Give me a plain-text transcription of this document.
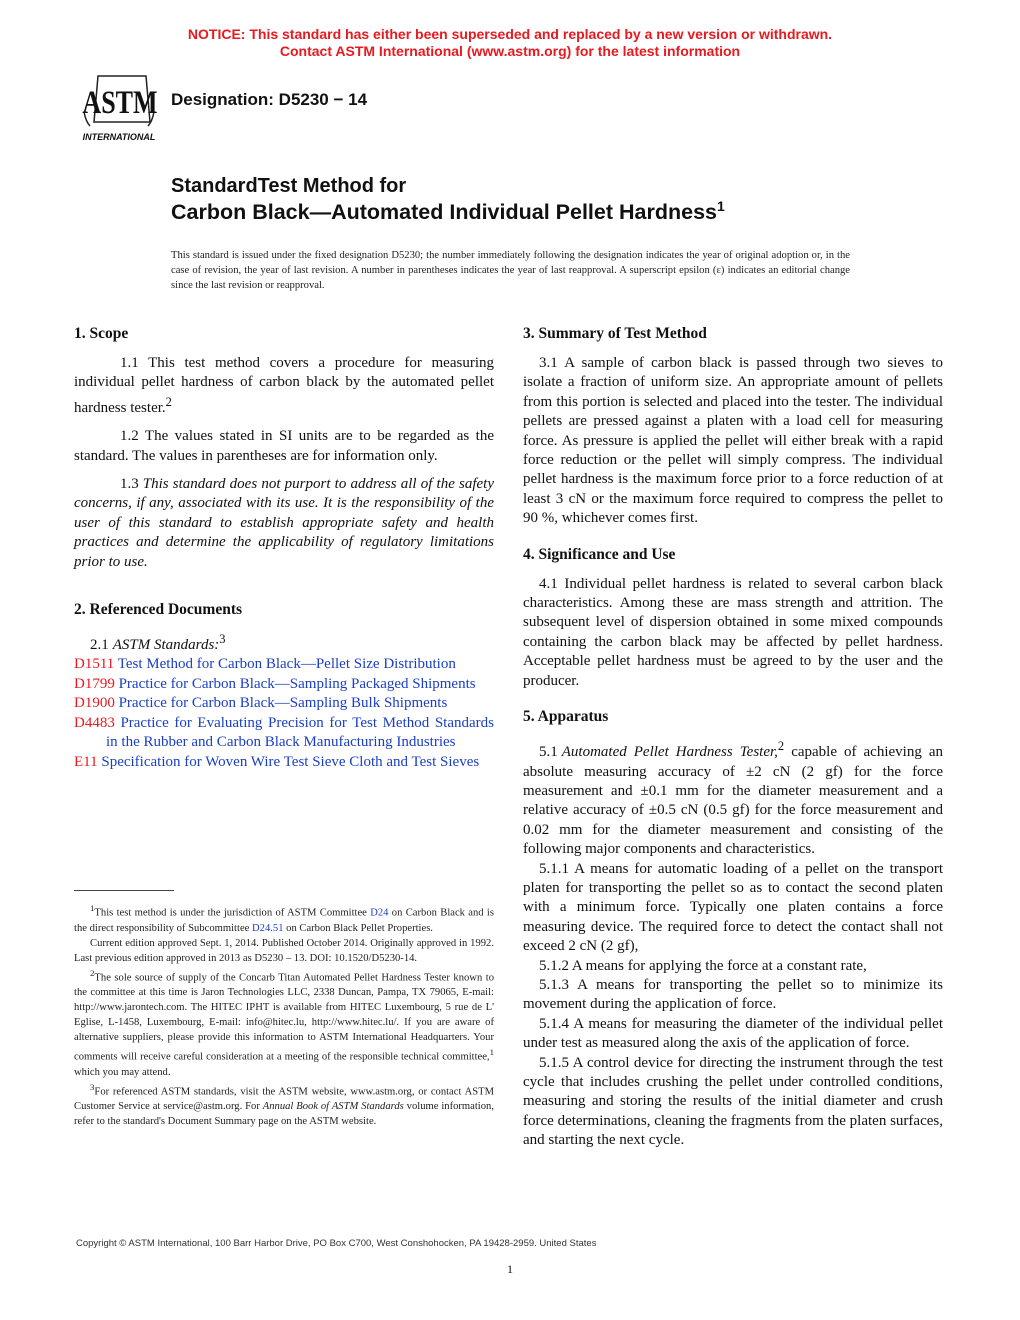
NOTICE: This standard has either been superseded and replaced by a new version or withdrawn.
Contact ASTM International (www.astm.org) for the latest information
ASTM
INTERNATIONAL
Designation: D5230 − 14
StandardTest Method for
Carbon Black—Automated Individual Pellet Hardness$^1$
This standard is issued under the fixed designation D5230; the number immediately following the designation indicates the year of original adoption or, in the case of revision, the year of last revision. A number in parentheses indicates the year of last reapproval. A superscript epsilon (ε) indicates an editorial change since the last revision or reapproval.
1. Scope

1.1 This test method covers a procedure for measuring individual pellet hardness of carbon black by the automated pellet hardness tester.$^2$

1.2 The values stated in SI units are to be regarded as the standard. The values in parentheses are for information only.

1.3 This standard does not purport to address all of the safety concerns, if any, associated with its use. It is the responsibility of the user of this standard to establish appropriate safety and health practices and determine the applicability of regulatory limitations prior to use.

2. Referenced Documents

2.1 ASTM Standards:$^3$

D1511 Test Method for Carbon Black—Pellet Size Distribution

D1799 Practice for Carbon Black—Sampling Packaged Shipments

D1900 Practice for Carbon Black—Sampling Bulk Shipments

D4483 Practice for Evaluating Precision for Test Method Standards in the Rubber and Carbon Black Manufacturing Industries

E11 Specification for Woven Wire Test Sieve Cloth and Test Sieves

$^1$This test method is under the jurisdiction of ASTM Committee D24 on Carbon Black and is the direct responsibility of Subcommittee D24.51 on Carbon Black Pellet Properties.

Current edition approved Sept. 1, 2014. Published October 2014. Originally approved in 1992. Last previous edition approved in 2013 as D5230 – 13. DOI: 10.1520/D5230-14.

$^2$The sole source of supply of the Concarb Titan Automated Pellet Hardness Tester known to the committee at this time is Jaron Technologies LLC, 2338 Duncan, Pampa, TX 79065, E-mail: http://www.jarontech.com. The HITEC IPHT is available from HITEC Luxembourg, 5 rue de L' Eglise, L-1458, Luxembourg, E-mail: info@hitec.lu, http://www.hitec.lu/. If you are aware of alternative suppliers, please provide this information to ASTM International Headquarters. Your comments will receive careful consideration at a meeting of the responsible technical committee,$^1$ which you may attend.

$^3$For referenced ASTM standards, visit the ASTM website, www.astm.org, or contact ASTM Customer Service at service@astm.org. For Annual Book of ASTM Standards volume information, refer to the standard's Document Summary page on the ASTM website.

3. Summary of Test Method

3.1 A sample of carbon black is passed through two sieves to isolate a fraction of uniform size. An appropriate amount of pellets from this portion is selected and placed into the tester. The individual pellets are pressed against a platen with a load cell for measuring force. As pressure is applied the pellet will either break with a rapid force reduction or the pellet will simply compress. The individual pellet hardness is the maximum force prior to a force reduction of at least 3 cN or the maximum force required to compress the pellet to 90 %, whichever comes first.

4. Significance and Use

4.1 Individual pellet hardness is related to several carbon black characteristics. Among these are mass strength and attrition. The subsequent level of dispersion obtained in some mixed compounds containing the carbon black may be affected by pellet hardness. Acceptable pellet hardness must be agreed to by the user and the producer.

5. Apparatus

5.1 Automated Pellet Hardness Tester,$^2$ capable of achieving an absolute measuring accuracy of ±2 cN (2 gf) for the force measurement and ±0.1 mm for the diameter measurement and a relative accuracy of ±0.5 cN (0.5 gf) for the force measurement and 0.02 mm for the diameter measurement and consisting of the following major components and characteristics.

5.1.1 A means for automatic loading of a pellet on the transport platen for transporting the pellet so as to contact the second platen with a minimum force. Typically one platen contains a force measuring device. The required force to detect the contact shall not exceed 2 cN (2 gf),

5.1.2 A means for applying the force at a constant rate,

5.1.3 A means for transporting the pellet so to minimize its movement during the application of force.

5.1.4 A means for measuring the diameter of the individual pellet under test as measured along the axis of the application of force.

5.1.5 A control device for directing the instrument through the test cycle that includes crushing the pellet under controlled conditions, measuring and storing the results of the initial diameter and crush force determinations, cleaning the fragments from the platen surfaces, and starting the next cycle.

Copyright © ASTM International, 100 Barr Harbor Drive, PO Box C700, West Conshohocken, PA 19428-2959. United States
1
